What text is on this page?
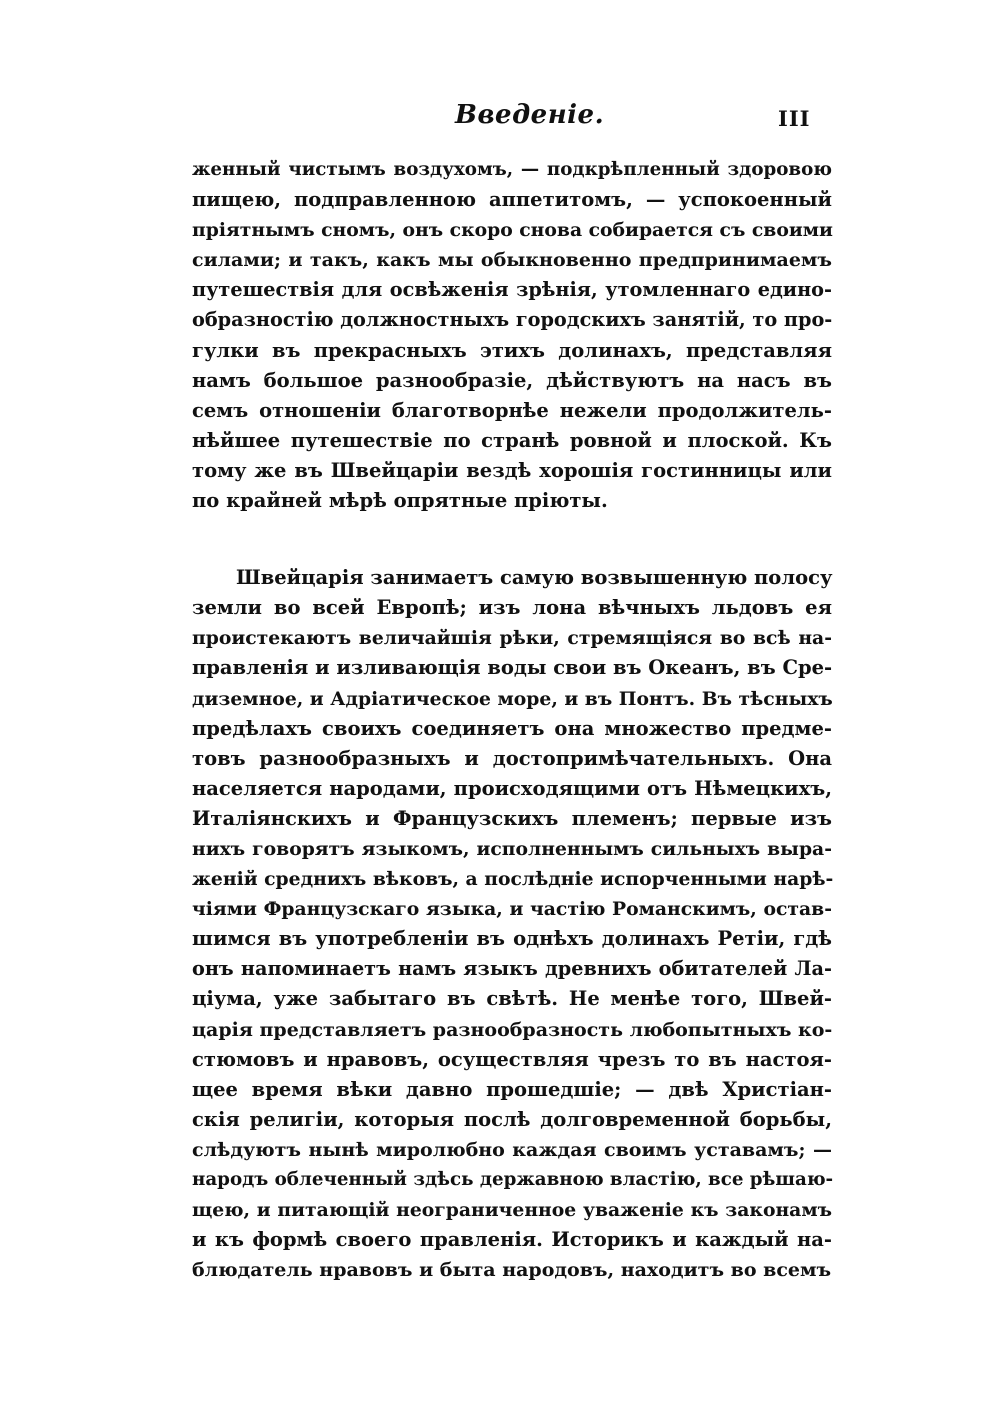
Введеніе.	III
женный чистымъ воздухомъ, — подкрѣпленный здоровою
пищею, подправленною аппетитомъ, — успокоенный
пріятнымъ сномъ, онъ скоро снова собирается съ своими
силами; и такъ, какъ мы обыкновенно предпринимаемъ
путешествія для освѣженія зрѣнія, утомленнаго едино-
образностію должностныхъ городскихъ занятій, то про-
гулки въ прекрасныхъ этихъ долинахъ, представляя
намъ большое разнообразіе, дѣйствуютъ на насъ въ
семъ отношеніи благотворнѣе нежели продолжитель-
нѣйшее путешествіе по странѣ ровной и плоской. Къ
тому же въ Швейцаріи вездѣ хорошія гостинницы или
по крайней мѣрѣ опрятные пріюты.
Швейцарія занимаетъ самую возвышенную полосу
земли во всей Европѣ; изъ лона вѣчныхъ льдовъ ея
проистекаютъ величайшія рѣки, стремящіяся во всѣ на-
правленія и изливающія воды свои въ Океанъ, въ Сре-
диземное, и Адріатическое море, и въ Понтъ. Въ тѣсныхъ
предѣлахъ своихъ соединяетъ она множество предме-
товъ разнообразныхъ и достопримѣчательныхъ. Она
населяется народами, происходящими отъ Нѣмецкихъ,
Италіянскихъ и Французскихъ племенъ; первые изъ
нихъ говорятъ языкомъ, исполненнымъ сильныхъ выра-
женій среднихъ вѣковъ, а послѣдніе испорченными нарѣ-
чіями Французскаго языка, и частію Романскимъ, остав-
шимся въ употребленіи въ однѣхъ долинахъ Ретіи, гдѣ
онъ напоминаетъ намъ языкъ древнихъ обитателей Ла-
ціума, уже забытаго въ свѣтѣ. Не менѣе того, Швей-
царія представляетъ разнообразность любопытныхъ ко-
стюмовъ и нравовъ, осуществляя чрезъ то въ настоя-
щее время вѣки давно прошедшіе; — двѣ Христіан-
скія религіи, которыя послѣ долговременной борьбы,
слѣдуютъ нынѣ миролюбно каждая своимъ уставамъ; —
народъ облеченный здѣсь державною властію, все рѣшаю-
щею, и питающій неограниченное уваженіе къ законамъ
и къ формѣ своего правленія. Историкъ и каждый на-
блюдатель нравовъ и быта народовъ, находитъ во всемъ
